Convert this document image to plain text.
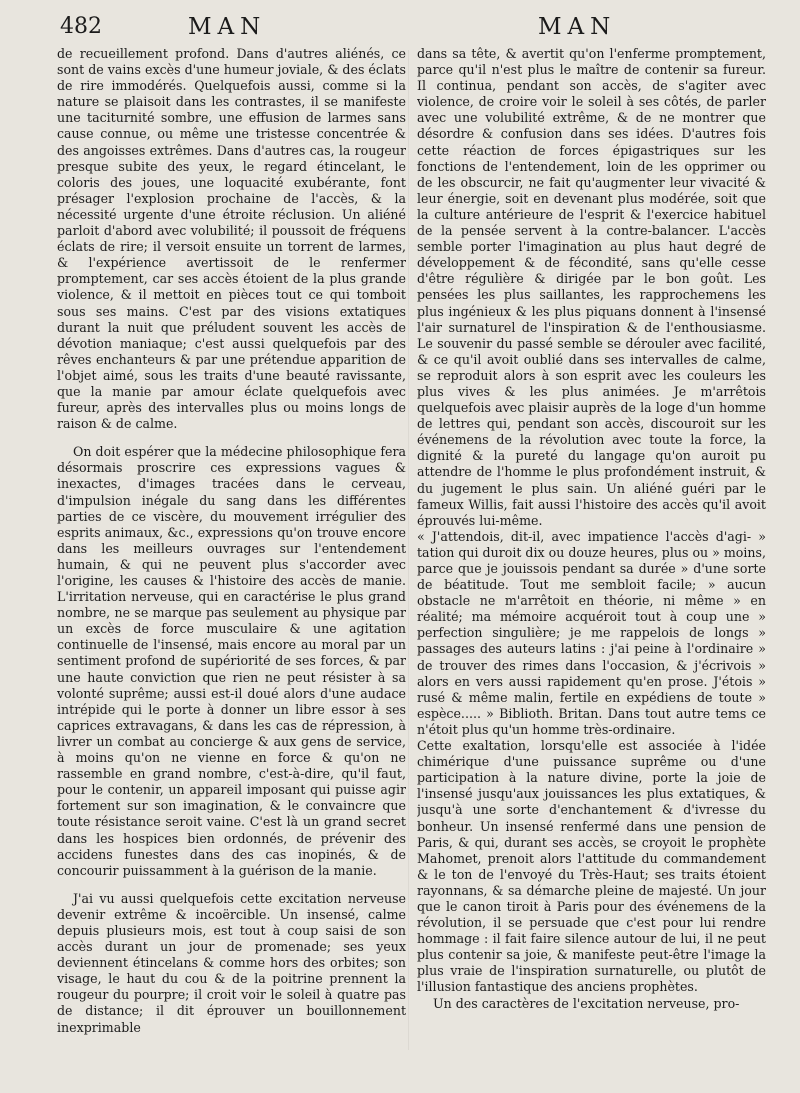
482	MAN	MAN

de recueillement profond. Dans d'autres aliénés, ce sont de vains excès d'une humeur joviale, & des éclats de rire immodérés. Quelquefois aussi, comme si la nature se plaisoit dans les contrastes, il se manifeste une taciturnité sombre, une effusion de larmes sans cause connue, ou même une tristesse concentrée & des angoisses extrêmes. Dans d'autres cas, la rougeur presque subite des yeux, le regard étincelant, le coloris des joues, une loquacité exubérante, font présager l'explosion prochaine de l'accès, & la nécessité urgente d'une étroite réclusion. Un aliéné parloit d'abord avec volubilité; il poussoit de fréquens éclats de rire; il versoit ensuite un torrent de larmes, & l'expérience avertissoit de le renfermer promptement, car ses accès étoient de la plus grande violence, & il mettoit en pièces tout ce qui tomboit sous ses mains. C'est par des visions extatiques durant la nuit que préludent souvent les accès de dévotion maniaque; c'est aussi quelquefois par des rêves enchanteurs & par une prétendue apparition de l'objet aimé, sous les traits d'une beauté ravissante, que la manie par amour éclate quelquefois avec fureur, après des intervalles plus ou moins longs de raison & de calme.

On doit espérer que la médecine philosophique fera désormais proscrire ces expressions vagues & inexactes, d'images tracées dans le cerveau, d'impulsion inégale du sang dans les différentes parties de ce viscère, du mouvement irrégulier des esprits animaux, &c., expressions qu'on trouve encore dans les meilleurs ouvrages sur l'entendement humain, & qui ne peuvent plus s'accorder avec l'origine, les causes & l'histoire des accès de manie. L'irritation nerveuse, qui en caractérise le plus grand nombre, ne se marque pas seulement au physique par un excès de force musculaire & une agitation continuelle de l'insensé, mais encore au moral par un sentiment profond de supériorité de ses forces, & par une haute conviction que rien ne peut résister à sa volonté suprême; aussi est-il doué alors d'une audace intrépide qui le porte à donner un libre essor à ses caprices extravagans, & dans les cas de répression, à livrer un combat au concierge & aux gens de service, à moins qu'on ne vienne en force & qu'on ne rassemble en grand nombre, c'est-à-dire, qu'il faut, pour le contenir, un appareil imposant qui puisse agir fortement sur son imagination, & le convaincre que toute résistance seroit vaine. C'est là un grand secret dans les hospices bien ordonnés, de prévenir des accidens funestes dans des cas inopinés, & de concourir puissamment à la guérison de la manie.

J'ai vu aussi quelquefois cette excitation nerveuse devenir extrême & incoërcible. Un insensé, calme depuis plusieurs mois, est tout à coup saisi de son accès durant un jour de promenade; ses yeux deviennent étincelans & comme hors des orbites; son visage, le haut du cou & de la poitrine prennent la rougeur du pourpre; il croit voir le soleil à quatre pas de distance; il dit éprouver un bouillonnement inexprimable

dans sa tête, & avertit qu'on l'enferme promptement, parce qu'il n'est plus le maître de contenir sa fureur. Il continua, pendant son accès, de s'agiter avec violence, de croire voir le soleil à ses côtés, de parler avec une volubilité extrême, & de ne montrer que désordre & confusion dans ses idées. D'autres fois cette réaction de forces épigastriques sur les fonctions de l'entendement, loin de les opprimer ou de les obscurcir, ne fait qu'augmenter leur vivacité & leur énergie, soit en devenant plus modérée, soit que la culture antérieure de l'esprit & l'exercice habituel de la pensée servent à la contre-balancer. L'accès semble porter l'imagination au plus haut degré de développement & de fécondité, sans qu'elle cesse d'être régulière & dirigée par le bon goût. Les pensées les plus saillantes, les rapprochemens les plus ingénieux & les plus piquans donnent à l'insensé l'air surnaturel de l'inspiration & de l'enthousiasme. Le souvenir du passé semble se dérouler avec facilité, & ce qu'il avoit oublié dans ses intervalles de calme, se reproduit alors à son esprit avec les couleurs les plus vives & les plus animées. Je m'arrêtois quelquefois avec plaisir auprès de la loge d'un homme de lettres qui, pendant son accès, discouroit sur les événemens de la révolution avec toute la force, la dignité & la pureté du langage qu'on auroit pu attendre de l'homme le plus profondément instruit, & du jugement le plus sain. Un aliéné guéri par le fameux Willis, fait aussi l'histoire des accès qu'il avoit éprouvés lui-même.

« J'attendois, dit-il, avec impatience l'accès d'agi- » tation qui duroit dix ou douze heures, plus ou » moins, parce que je jouissois pendant sa durée » d'une sorte de béatitude. Tout me sembloit facile; » aucun obstacle ne m'arrêtoit en théorie, ni même » en réalité; ma mémoire acquéroit tout à coup une » perfection singulière; je me rappelois de longs » passages des auteurs latins : j'ai peine à l'ordinaire » de trouver des rimes dans l'occasion, & j'écrivois » alors en vers aussi rapidement qu'en prose. J'étois » rusé & même malin, fertile en expédiens de toute » espèce..... » Biblioth. Britan. Dans tout autre tems ce n'étoit plus qu'un homme très-ordinaire.

Cette exaltation, lorsqu'elle est associée à l'idée chimérique d'une puissance suprême ou d'une participation à la nature divine, porte la joie de l'insensé jusqu'aux jouissances les plus extatiques, & jusqu'à une sorte d'enchantement & d'ivresse du bonheur. Un insensé renfermé dans une pension de Paris, & qui, durant ses accès, se croyoit le prophète Mahomet, prenoit alors l'attitude du commandement & le ton de l'envoyé du Très-Haut; ses traits étoient rayonnans, & sa démarche pleine de majesté. Un jour que le canon tiroit à Paris pour des événemens de la révolution, il se persuade que c'est pour lui rendre hommage : il fait faire silence autour de lui, il ne peut plus contenir sa joie, & manifeste peut-être l'image la plus vraie de l'inspiration surnaturelle, ou plutôt de l'illusion fantastique des anciens prophètes.

Un des caractères de l'excitation nerveuse, pro-
